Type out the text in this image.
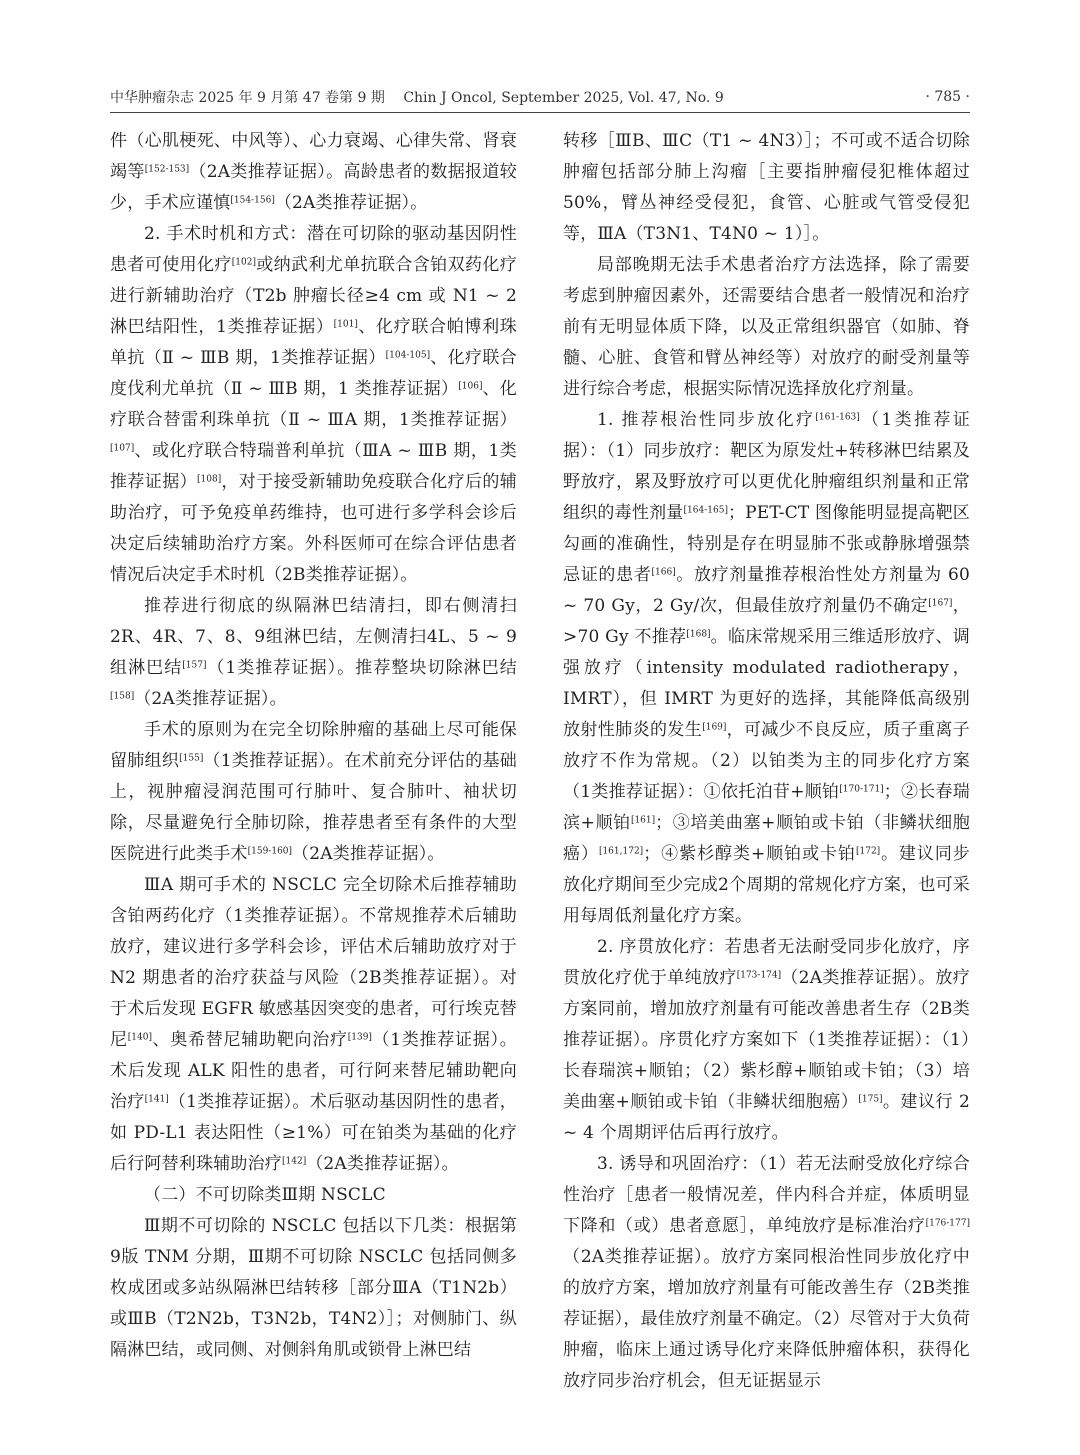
中华肿瘤杂志 2025 年 9 月第 47 卷第 9 期 Chin J Oncol, September 2025, Vol. 47, No. 9	· 785 ·

件（心肌梗死、中风等）、心力衰竭、心律失常、肾衰竭等[152-153]（2A类推荐证据）。高龄患者的数据报道较少，手术应谨慎[154-156]（2A类推荐证据）。

2. 手术时机和方式：潜在可切除的驱动基因阴性患者可使用化疗[102]或纳武利尤单抗联合含铂双药化疗进行新辅助治疗（T2b 肿瘤长径≥4 cm 或 N1 ~ 2 淋巴结阳性，1类推荐证据）[101]、化疗联合帕博利珠单抗（Ⅱ ~ ⅢB 期，1类推荐证据）[104-105]、化疗联合度伐利尤单抗（Ⅱ ~ ⅢB 期，1 类推荐证据）[106]、化疗联合替雷利珠单抗（Ⅱ ~ ⅢA 期，1类推荐证据）[107]、或化疗联合特瑞普利单抗（ⅢA ~ ⅢB 期，1类推荐证据）[108]，对于接受新辅助免疫联合化疗后的辅助治疗，可予免疫单药维持，也可进行多学科会诊后决定后续辅助治疗方案。外科医师可在综合评估患者情况后决定手术时机（2B类推荐证据）。

推荐进行彻底的纵隔淋巴结清扫，即右侧清扫2R、4R、7、8、9组淋巴结，左侧清扫4L、5 ~ 9组淋巴结[157]（1类推荐证据）。推荐整块切除淋巴结[158]（2A类推荐证据）。

手术的原则为在完全切除肿瘤的基础上尽可能保留肺组织[155]（1类推荐证据）。在术前充分评估的基础上，视肿瘤浸润范围可行肺叶、复合肺叶、袖状切除，尽量避免行全肺切除，推荐患者至有条件的大型医院进行此类手术[159-160]（2A类推荐证据）。

ⅢA 期可手术的 NSCLC 完全切除术后推荐辅助含铂两药化疗（1类推荐证据）。不常规推荐术后辅助放疗，建议进行多学科会诊，评估术后辅助放疗对于 N2 期患者的治疗获益与风险（2B类推荐证据）。对于术后发现 EGFR 敏感基因突变的患者，可行埃克替尼[140]、奥希替尼辅助靶向治疗[139]（1类推荐证据）。术后发现 ALK 阳性的患者，可行阿来替尼辅助靶向治疗[141]（1类推荐证据）。术后驱动基因阴性的患者，如 PD-L1 表达阳性（≥1%）可在铂类为基础的化疗后行阿替利珠辅助治疗[142]（2A类推荐证据）。

（二）不可切除类Ⅲ期 NSCLC

Ⅲ期不可切除的 NSCLC 包括以下几类：根据第9版 TNM 分期，Ⅲ期不可切除 NSCLC 包括同侧多枚成团或多站纵隔淋巴结转移［部分ⅢA（T1N2b）或ⅢB（T2N2b，T3N2b，T4N2）］；对侧肺门、纵隔淋巴结，或同侧、对侧斜角肌或锁骨上淋巴结

转移［ⅢB、ⅢC（T1 ~ 4N3）］；不可或不适合切除肿瘤包括部分肺上沟瘤［主要指肿瘤侵犯椎体超过50%，臂丛神经受侵犯，食管、心脏或气管受侵犯等，ⅢA（T3N1、T4N0 ~ 1）］。

局部晚期无法手术患者治疗方法选择，除了需要考虑到肿瘤因素外，还需要结合患者一般情况和治疗前有无明显体质下降，以及正常组织器官（如肺、脊髓、心脏、食管和臂丛神经等）对放疗的耐受剂量等进行综合考虑，根据实际情况选择放化疗剂量。

1. 推荐根治性同步放化疗[161-163]（1类推荐证据）：（1）同步放疗：靶区为原发灶+转移淋巴结累及野放疗，累及野放疗可以更优化肿瘤组织剂量和正常组织的毒性剂量[164-165]；PET-CT 图像能明显提高靶区勾画的准确性，特别是存在明显肺不张或静脉增强禁忌证的患者[166]。放疗剂量推荐根治性处方剂量为 60 ~ 70 Gy，2 Gy/次，但最佳放疗剂量仍不确定[167]，>70 Gy 不推荐[168]。临床常规采用三维适形放疗、调强放疗（intensity modulated radiotherapy，IMRT），但 IMRT 为更好的选择，其能降低高级别放射性肺炎的发生[169]，可减少不良反应，质子重离子放疗不作为常规。（2）以铂类为主的同步化疗方案（1类推荐证据）：①依托泊苷+顺铂[170-171]；②长春瑞滨+顺铂[161]；③培美曲塞+顺铂或卡铂（非鳞状细胞癌）[161,172]；④紫杉醇类+顺铂或卡铂[172]。建议同步放化疗期间至少完成2个周期的常规化疗方案，也可采用每周低剂量化疗方案。

2. 序贯放化疗：若患者无法耐受同步化放疗，序贯放化疗优于单纯放疗[173-174]（2A类推荐证据）。放疗方案同前，增加放疗剂量有可能改善患者生存（2B类推荐证据）。序贯化疗方案如下（1类推荐证据）：（1）长春瑞滨+顺铂；（2）紫杉醇+顺铂或卡铂；（3）培美曲塞+顺铂或卡铂（非鳞状细胞癌）[175]。建议行 2 ~ 4 个周期评估后再行放疗。

3. 诱导和巩固治疗：（1）若无法耐受放化疗综合性治疗［患者一般情况差，伴内科合并症，体质明显下降和（或）患者意愿］，单纯放疗是标准治疗[176-177]（2A类推荐证据）。放疗方案同根治性同步放化疗中的放疗方案，增加放疗剂量有可能改善生存（2B类推荐证据），最佳放疗剂量不确定。（2）尽管对于大负荷肿瘤，临床上通过诱导化疗来降低肿瘤体积，获得化放疗同步治疗机会，但无证据显示
